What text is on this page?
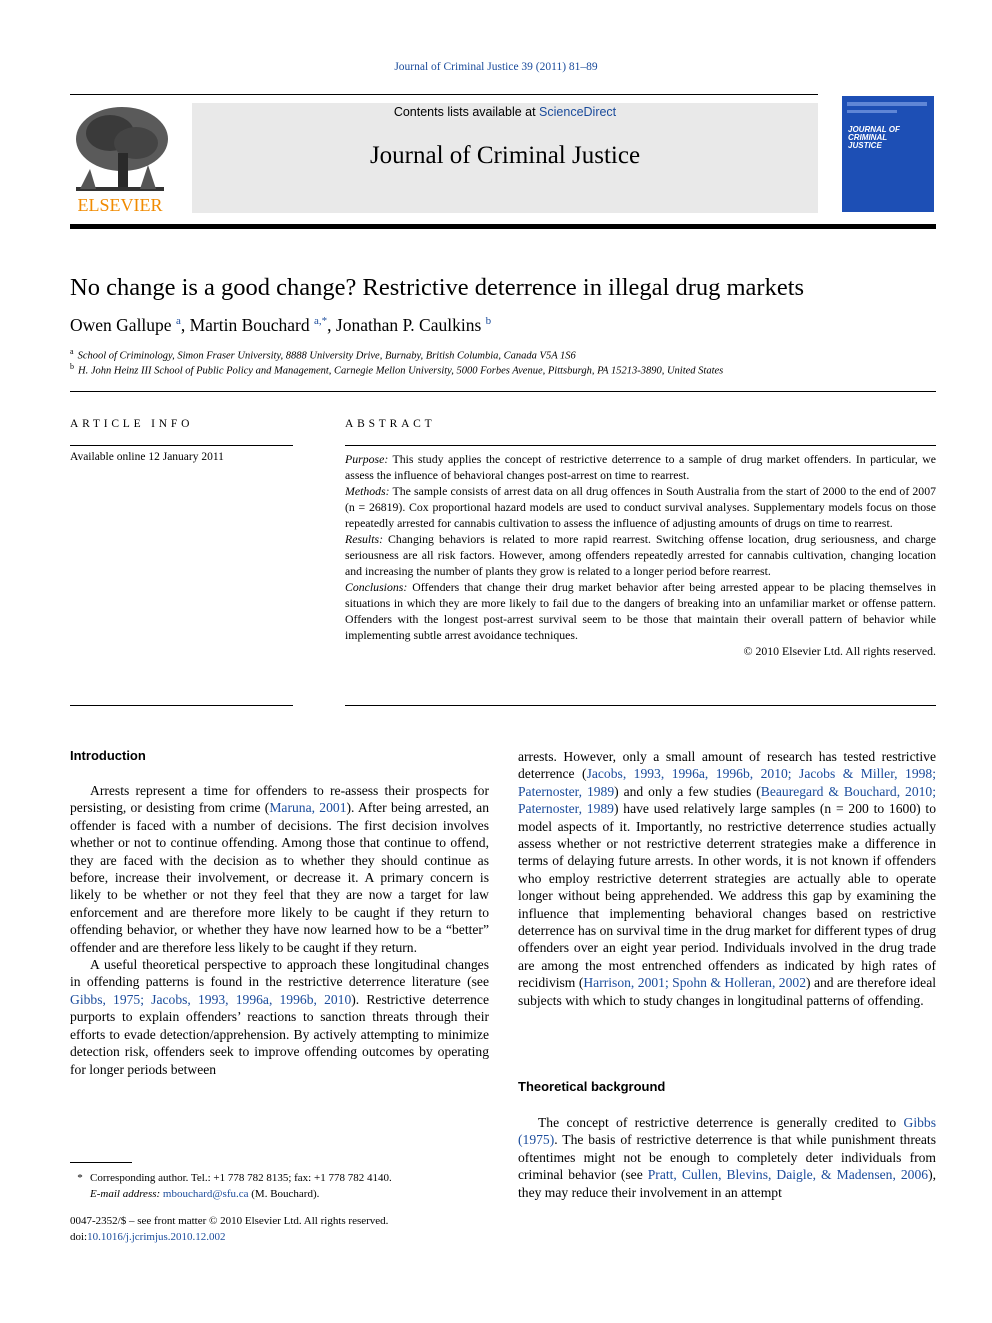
Journal of Criminal Justice 39 (2011) 81–89
ELSEVIER
Contents lists available at ScienceDirect
Journal of Criminal Justice
JOURNAL OF CRIMINAL JUSTICE
No change is a good change? Restrictive deterrence in illegal drug markets
Owen Gallupe $^a$, Martin Bouchard $^{a,*}$, Jonathan P. Caulkins $^b$
$^a$ School of Criminology, Simon Fraser University, 8888 University Drive, Burnaby, British Columbia, Canada V5A 1S6
$^b$ H. John Heinz III School of Public Policy and Management, Carnegie Mellon University, 5000 Forbes Avenue, Pittsburgh, PA 15213-3890, United States
ARTICLE INFO
Available online 12 January 2011
ABSTRACT

Purpose: This study applies the concept of restrictive deterrence to a sample of drug market offenders. In particular, we assess the influence of behavioral changes post-arrest on time to rearrest.

Methods: The sample consists of arrest data on all drug offences in South Australia from the start of 2000 to the end of 2007 (n = 26819). Cox proportional hazard models are used to conduct survival analyses. Supplementary models focus on those repeatedly arrested for cannabis cultivation to assess the influence of adjusting amounts of drugs on time to rearrest.

Results: Changing behaviors is related to more rapid rearrest. Switching offense location, drug seriousness, and charge seriousness are all risk factors. However, among offenders repeatedly arrested for cannabis cultivation, changing location and increasing the number of plants they grow is related to a longer period before rearrest.

Conclusions: Offenders that change their drug market behavior after being arrested appear to be placing themselves in situations in which they are more likely to fail due to the dangers of breaking into an unfamiliar market or offense pattern. Offenders with the longest post-arrest survival seem to be those that maintain their overall pattern of behavior while implementing subtle arrest avoidance techniques.

© 2010 Elsevier Ltd. All rights reserved.

Introduction

Arrests represent a time for offenders to re-assess their prospects for persisting, or desisting from crime (Maruna, 2001). After being arrested, an offender is faced with a number of decisions. The first decision involves whether or not to continue offending. Among those that continue to offend, they are faced with the decision as to whether they should continue as before, increase their involvement, or decrease it. A primary concern is likely to be whether or not they feel that they are now a target for law enforcement and are therefore more likely to be caught if they return to offending behavior, or whether they have now learned how to be a “better” offender and are therefore less likely to be caught if they return.

A useful theoretical perspective to approach these longitudinal changes in offending patterns is found in the restrictive deterrence literature (see Gibbs, 1975; Jacobs, 1993, 1996a, 1996b, 2010). Restrictive deterrence purports to explain offenders’ reactions to sanction threats through their efforts to evade detection/apprehension. By actively attempting to minimize detection risk, offenders seek to improve offending outcomes by operating for longer periods between

arrests. However, only a small amount of research has tested restrictive deterrence (Jacobs, 1993, 1996a, 1996b, 2010; Jacobs & Miller, 1998; Paternoster, 1989) and only a few studies (Beauregard & Bouchard, 2010; Paternoster, 1989) have used relatively large samples (n = 200 to 1600) to model aspects of it. Importantly, no restrictive deterrence studies actually assess whether or not restrictive deterrent strategies make a difference in terms of delaying future arrests. In other words, it is not known if offenders who employ restrictive deterrent strategies are actually able to operate longer without being apprehended. We address this gap by examining the influence that implementing behavioral changes based on restrictive deterrence has on survival time in the drug market for different types of drug offenders over an eight year period. Individuals involved in the drug trade are among the most entrenched offenders as indicated by high rates of recidivism (Harrison, 2001; Spohn & Holleran, 2002) and are therefore ideal subjects with which to study changes in longitudinal patterns of offending.

Theoretical background

The concept of restrictive deterrence is generally credited to Gibbs (1975). The basis of restrictive deterrence is that while punishment threats oftentimes might not be enough to completely deter individuals from criminal behavior (see Pratt, Cullen, Blevins, Daigle, & Madensen, 2006), they may reduce their involvement in an attempt

* Corresponding author. Tel.: +1 778 782 8135; fax: +1 778 782 4140.
E-mail address: mbouchard@sfu.ca (M. Bouchard).
0047-2352/$ – see front matter © 2010 Elsevier Ltd. All rights reserved.
doi:10.1016/j.jcrimjus.2010.12.002
